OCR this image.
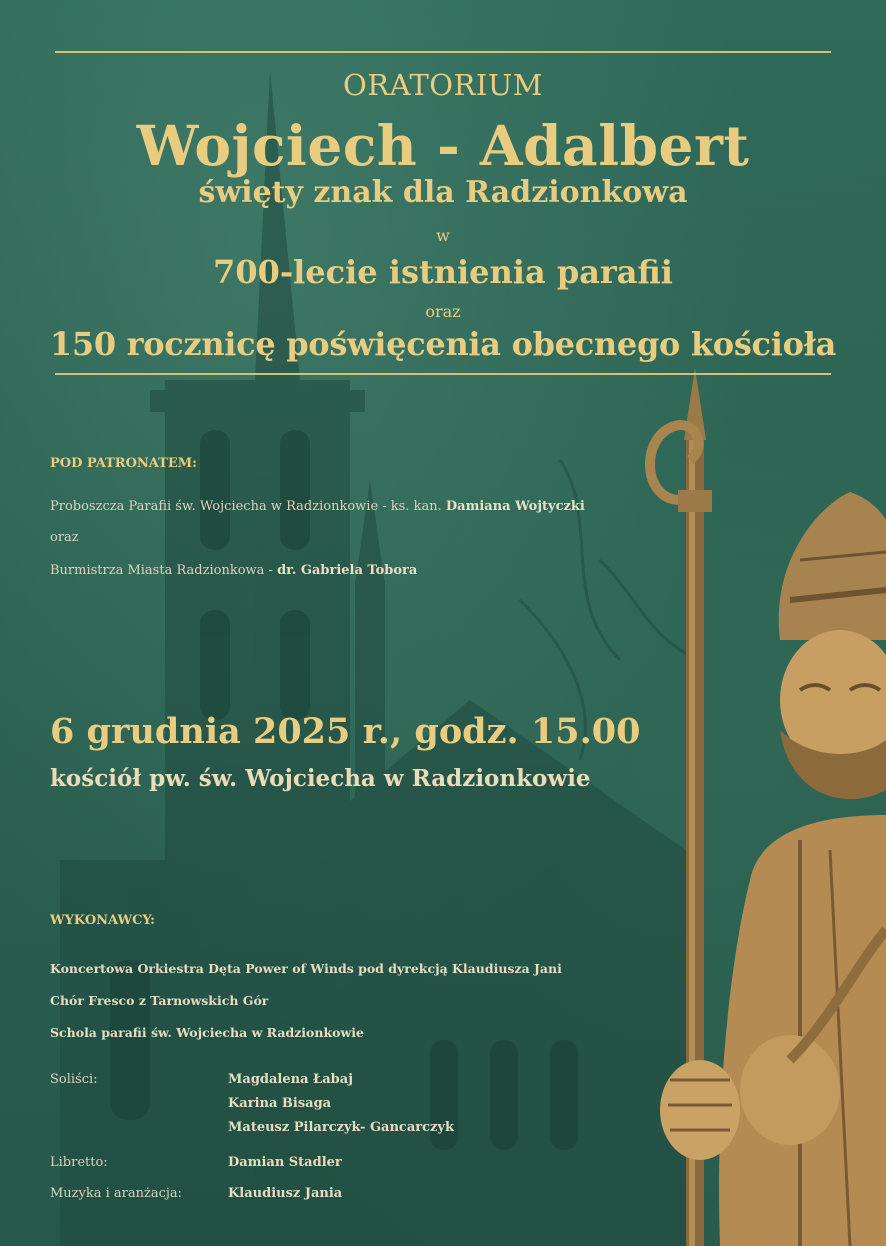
ORATORIUM
Wojciech - Adalbert
święty znak dla Radzionkowa
w
700-lecie istnienia parafii
oraz
150 rocznicę poświęcenia obecnego kościoła
POD PATRONATEM:
Proboszcza Parafii św. Wojciecha w Radzionkowie - ks. kan. Damiana Wojtyczki
oraz
Burmistrza Miasta Radzionkowa - dr. Gabriela Tobora
6 grudnia 2025 r., godz. 15.00
kościół pw. św. Wojciecha w Radzionkowie
WYKONAWCY:
Koncertowa Orkiestra Dęta Power of Winds pod dyrekcją Klaudiusza Jani
Chór Fresco z Tarnowskich Gór
Schola parafii św. Wojciecha w Radzionkowie
Soliści:	Magdalena Łabaj
Karina Bisaga
Mateusz Pilarczyk- Gancarczyk
Libretto:	Damian Stadler
Muzyka i aranżacja:	Klaudiusz Jania
